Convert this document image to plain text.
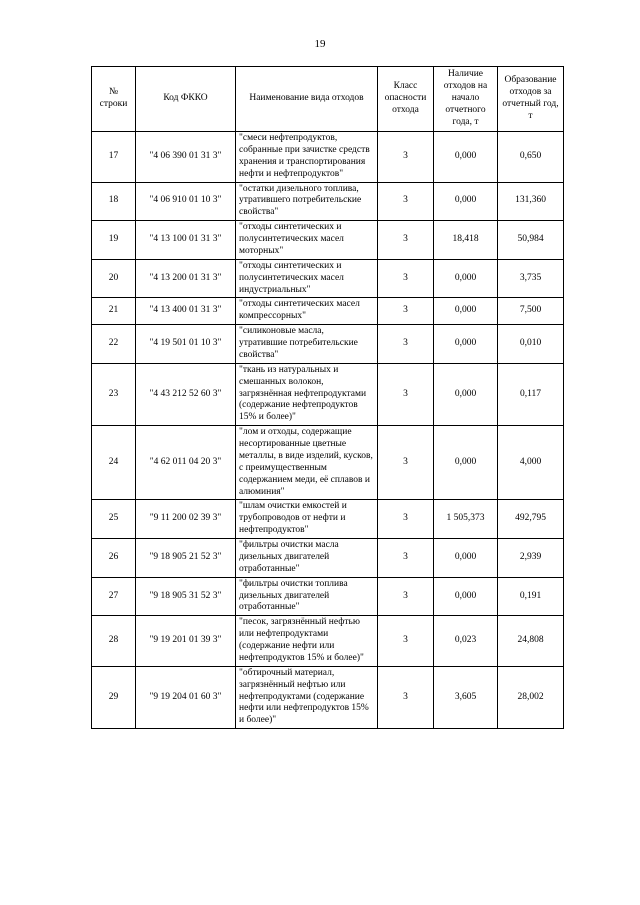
19
№ строки	Код ФККО	Наименование вида отходов	Класс опасности отхода	Наличие отходов на начало отчетного года, т	Образование отходов за отчетный год, т
17	"4 06 390 01 31 3"	"смеси нефтепродуктов, собранные при зачистке средств хранения и транспортирования нефти и нефтепродуктов"	3	0,000	0,650
18	"4 06 910 01 10 3"	"остатки дизельного топлива, утратившего потребительские свойства"	3	0,000	131,360
19	"4 13 100 01 31 3"	"отходы синтетических и полусинтетических масел моторных"	3	18,418	50,984
20	"4 13 200 01 31 3"	"отходы синтетических и полусинтетических масел индустриальных"	3	0,000	3,735
21	"4 13 400 01 31 3"	"отходы синтетических масел компрессорных"	3	0,000	7,500
22	"4 19 501 01 10 3"	"силиконовые масла, утратившие потребительские свойства"	3	0,000	0,010
23	"4 43 212 52 60 3"	"ткань из натуральных и смешанных волокон, загрязнённая нефтепродуктами (содержание нефтепродуктов 15% и более)"	3	0,000	0,117
24	"4 62 011 04 20 3"	"лом и отходы, содержащие несортированные цветные металлы, в виде изделий, кусков, с преимущественным содержанием меди, её сплавов и алюминия"	3	0,000	4,000
25	"9 11 200 02 39 3"	"шлам очистки емкостей и трубопроводов от нефти и нефтепродуктов"	3	1 505,373	492,795
26	"9 18 905 21 52 3"	"фильтры очистки масла дизельных двигателей отработанные"	3	0,000	2,939
27	"9 18 905 31 52 3"	"фильтры очистки топлива дизельных двигателей отработанные"	3	0,000	0,191
28	"9 19 201 01 39 3"	"песок, загрязнённый нефтью или нефтепродуктами (содержание нефти или нефтепродуктов 15% и более)"	3	0,023	24,808
29	"9 19 204 01 60 3"	"обтирочный материал, загрязнённый нефтью или нефтепродуктами (содержание нефти или нефтепродуктов 15% и более)"	3	3,605	28,002
